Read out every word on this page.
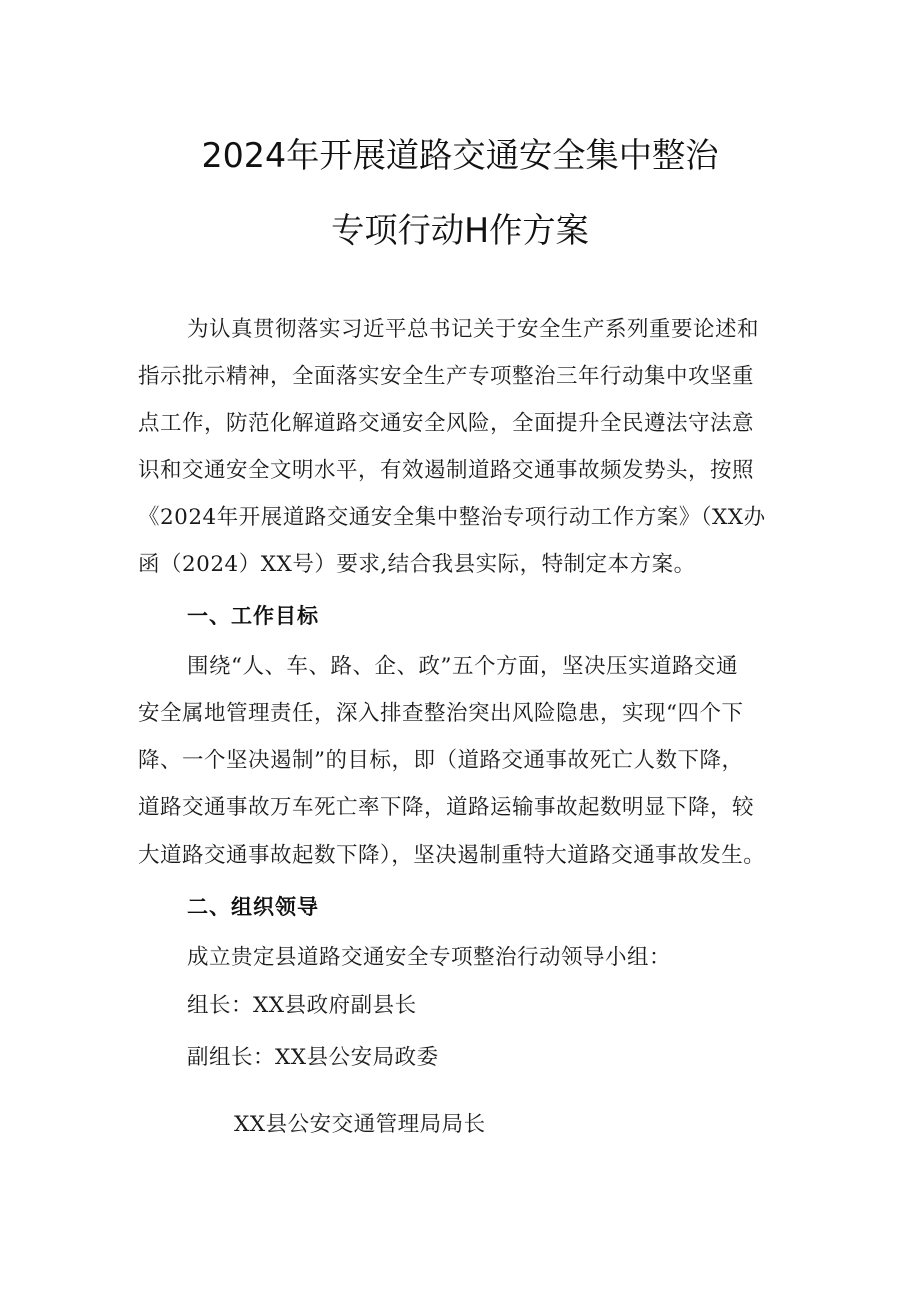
2024年开展道路交通安全集中整治
专项行动H作方案
为认真贯彻落实习近平总书记关于安全生产系列重要论述和
指示批示精神，全面落实安全生产专项整治三年行动集中攻坚重
点工作，防范化解道路交通安全风险，全面提升全民遵法守法意
识和交通安全文明水平，有效遏制道路交通事故频发势头，按照
《2024年开展道路交通安全集中整治专项行动工作方案》（XX办
函（2024）XX号）要求,结合我县实际，特制定本方案。
一、工作目标
围绕“人、车、路、企、政”五个方面，坚决压实道路交通
安全属地管理责任，深入排查整治突出风险隐患，实现“四个下
降、一个坚决遏制”的目标，即（道路交通事故死亡人数下降，
道路交通事故万车死亡率下降，道路运输事故起数明显下降，较
大道路交通事故起数下降），坚决遏制重特大道路交通事故发生。
二、组织领导
成立贵定县道路交通安全专项整治行动领导小组：
组长：XX县政府副县长
副组长：XX县公安局政委
XX县公安交通管理局局长
